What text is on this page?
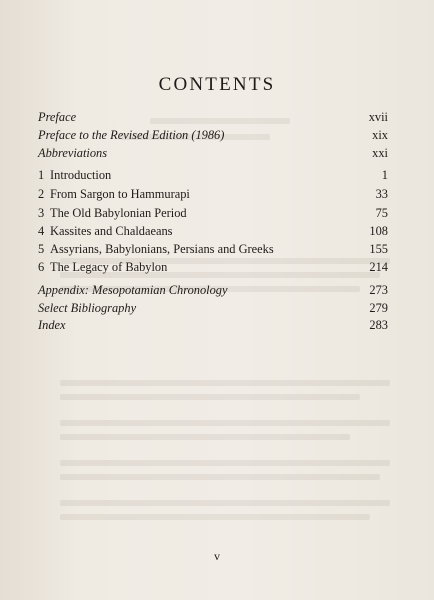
CONTENTS
Preface	xvii
Preface to the Revised Edition (1986)	xix
Abbreviations	xxi
1 Introduction	1
2 From Sargon to Hammurapi	33
3 The Old Babylonian Period	75
4 Kassites and Chaldaeans	108
5 Assyrians, Babylonians, Persians and Greeks	155
6 The Legacy of Babylon	214
Appendix: Mesopotamian Chronology	273
Select Bibliography	279
Index	283
v
